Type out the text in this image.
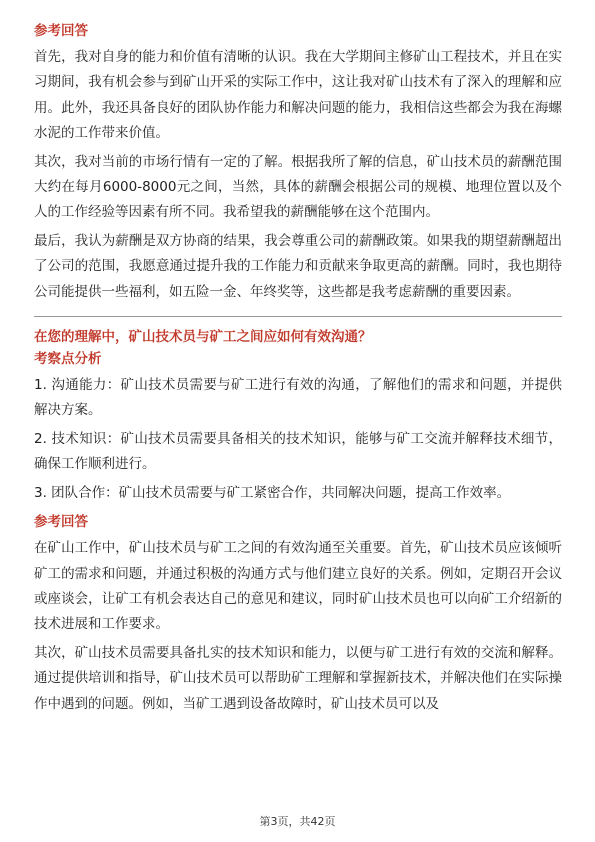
参考回答

首先，我对自身的能力和价值有清晰的认识。我在大学期间主修矿山工程技术，并且在实习期间，我有机会参与到矿山开采的实际工作中，这让我对矿山技术有了深入的理解和应用。此外，我还具备良好的团队协作能力和解决问题的能力，我相信这些都会为我在海螺水泥的工作带来价值。

其次，我对当前的市场行情有一定的了解。根据我所了解的信息，矿山技术员的薪酬范围大约在每月6000-8000元之间，当然，具体的薪酬会根据公司的规模、地理位置以及个人的工作经验等因素有所不同。我希望我的薪酬能够在这个范围内。

最后，我认为薪酬是双方协商的结果，我会尊重公司的薪酬政策。如果我的期望薪酬超出了公司的范围，我愿意通过提升我的工作能力和贡献来争取更高的薪酬。同时，我也期待公司能提供一些福利，如五险一金、年终奖等，这些都是我考虑薪酬的重要因素。

在您的理解中，矿山技术员与矿工之间应如何有效沟通？
考察点分析

1. 沟通能力：矿山技术员需要与矿工进行有效的沟通，了解他们的需求和问题，并提供解决方案。

2. 技术知识：矿山技术员需要具备相关的技术知识，能够与矿工交流并解释技术细节，确保工作顺利进行。

3. 团队合作：矿山技术员需要与矿工紧密合作，共同解决问题，提高工作效率。

参考回答

在矿山工作中，矿山技术员与矿工之间的有效沟通至关重要。首先，矿山技术员应该倾听矿工的需求和问题，并通过积极的沟通方式与他们建立良好的关系。例如，定期召开会议或座谈会，让矿工有机会表达自己的意见和建议，同时矿山技术员也可以向矿工介绍新的技术进展和工作要求。

其次，矿山技术员需要具备扎实的技术知识和能力，以便与矿工进行有效的交流和解释。通过提供培训和指导，矿山技术员可以帮助矿工理解和掌握新技术，并解决他们在实际操作中遇到的问题。例如，当矿工遇到设备故障时，矿山技术员可以及

第3页，共42页
